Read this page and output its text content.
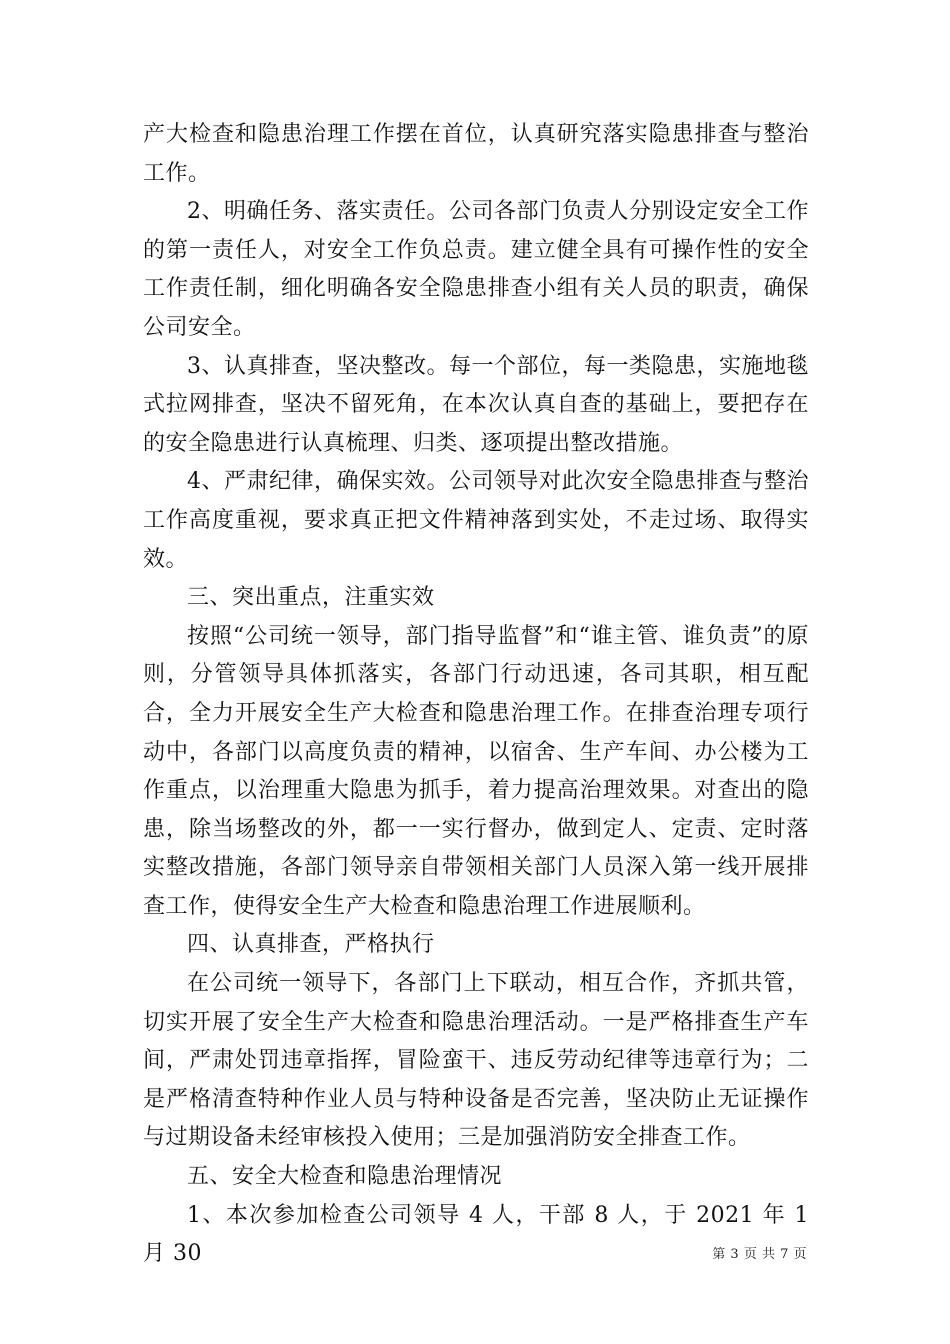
产大检查和隐患治理工作摆在首位，认真研究落实隐患排查与整治工作。

2、明确任务、落实责任。公司各部门负责人分别设定安全工作的第一责任人，对安全工作负总责。建立健全具有可操作性的安全工作责任制，细化明确各安全隐患排查小组有关人员的职责，确保公司安全。

3、认真排查，坚决整改。每一个部位，每一类隐患，实施地毯式拉网排查，坚决不留死角，在本次认真自查的基础上，要把存在的安全隐患进行认真梳理、归类、逐项提出整改措施。

4、严肃纪律，确保实效。公司领导对此次安全隐患排查与整治工作高度重视，要求真正把文件精神落到实处，不走过场、取得实效。

三、突出重点，注重实效

按照“公司统一领导，部门指导监督”和“谁主管、谁负责”的原则，分管领导具体抓落实，各部门行动迅速，各司其职，相互配合，全力开展安全生产大检查和隐患治理工作。在排查治理专项行动中，各部门以高度负责的精神，以宿舍、生产车间、办公楼为工作重点，以治理重大隐患为抓手，着力提高治理效果。对查出的隐患，除当场整改的外，都一一实行督办，做到定人、定责、定时落实整改措施，各部门领导亲自带领相关部门人员深入第一线开展排查工作，使得安全生产大检查和隐患治理工作进展顺利。

四、认真排查，严格执行

在公司统一领导下，各部门上下联动，相互合作，齐抓共管，切实开展了安全生产大检查和隐患治理活动。一是严格排查生产车间，严肃处罚违章指挥，冒险蛮干、违反劳动纪律等违章行为；二是严格清查特种作业人员与特种设备是否完善，坚决防止无证操作与过期设备未经审核投入使用；三是加强消防安全排查工作。

五、安全大检查和隐患治理情况

1、本次参加检查公司领导 4 人，干部 8 人，于 2021 年 1 月 30	第 3 页 共 7 页
